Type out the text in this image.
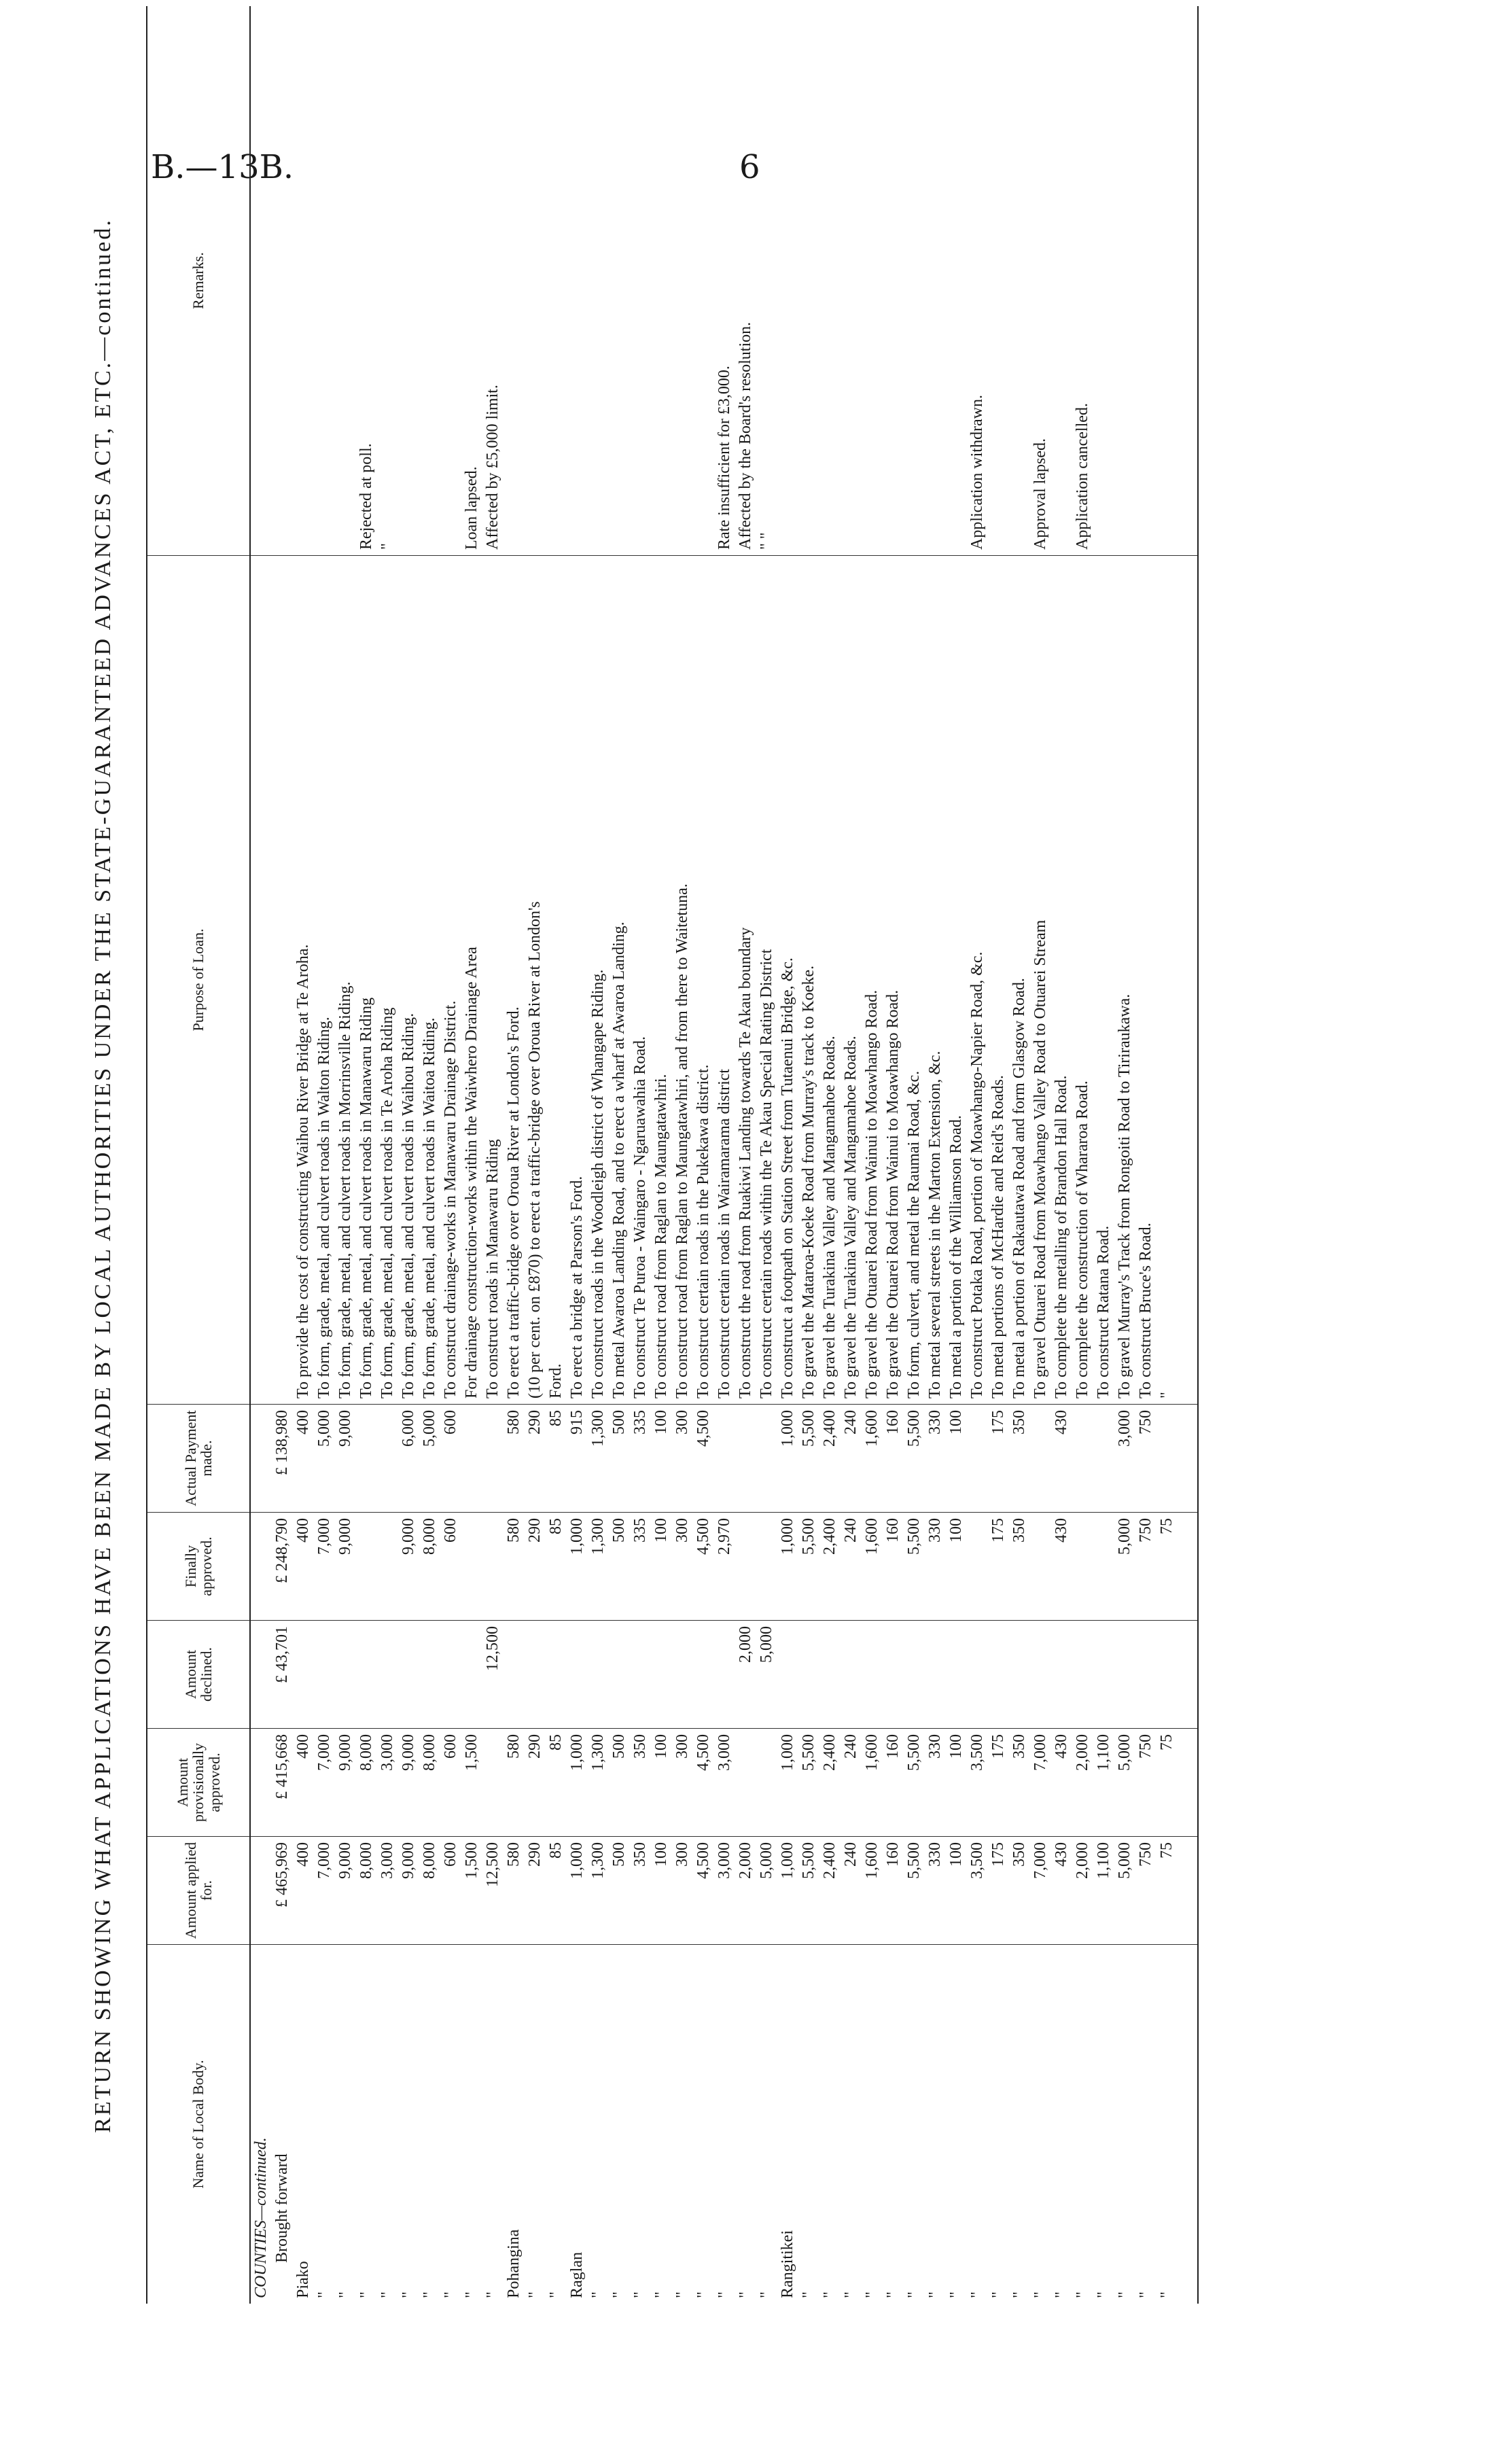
B.—13B.	6
RETURN SHOWING WHAT APPLICATIONS HAVE BEEN MADE BY LOCAL AUTHORITIES UNDER THE STATE-GUARANTEED ADVANCES ACT, ETC.—continued.	Name of Local Body.	Amount applied for.	Amount provisionally approved.	Amount declined.	Finally approved.	Actual Payment made.	Purpose of Loan.	Remarks.
COUNTIES—continued.							
Brought forward	£ 465,969	£ 415,668	£ 43,701	£ 248,790	£ 138,980		
Piako	400	400		400	400	To provide the cost of constructing Waihou River Bridge at Te Aroha.	
"	7,000	7,000		7,000	5,000	To form, grade, metal, and culvert roads in Walton Riding.	
"	9,000	9,000		9,000	9,000	To form, grade, metal, and culvert roads in Morrinsville Riding.	
"	8,000	8,000				To form, grade, metal, and culvert roads in Manawaru Riding	Rejected at poll.
"	3,000	3,000				To form, grade, metal, and culvert roads in Te Aroha Riding	"
"	9,000	9,000		9,000	6,000	To form, grade, metal, and culvert roads in Waihou Riding.	
"	8,000	8,000		8,000	5,000	To form, grade, metal, and culvert roads in Waitoa Riding.	
"	600	600		600	600	To construct drainage-works in Manawaru Drainage District.	
"	1,500	1,500				For drainage construction-works within the Waiwhero Drainage Area	Loan lapsed.
"	12,500		12,500			To construct roads in Manawaru Riding	Affected by £5,000 limit.
Pohangina	580	580		580	580	To erect a traffic-bridge over Oroua River at London's Ford.	
"	290	290		290	290	(10 per cent. on £870) to erect a traffic-bridge over Oroua River at London's	
"	85	85		85	85	Ford.	
Raglan	1,000	1,000		1,000	915	To erect a bridge at Parson's Ford.	
"	1,300	1,300		1,300	1,300	To construct roads in the Woodleigh district of Whangape Riding.	
"	500	500		500	500	To metal Awaroa Landing Road, and to erect a wharf at Awaroa Landing.	
"	350	350		335	335	To construct Te Puroa - Waingaro - Ngaruawahia Road.	
"	100	100		100	100	To construct road from Raglan to Maungatawhiri.	
"	300	300		300	300	To construct road from Raglan to Maungatawhiri, and from there to Waitetuna.	
"	4,500	4,500		4,500	4,500	To construct certain roads in the Pukekawa district.	
"	3,000	3,000		2,970		To construct certain roads in Wairamarama district	Rate insufficient for £3,000.
"	2,000		2,000			To construct the road from Ruakiwi Landing towards Te Akau boundary	Affected by the Board's resolution.
"	5,000		5,000			To construct certain roads within the Te Akau Special Rating District	" "
Rangitikei	1,000	1,000		1,000	1,000	To construct a footpath on Station Street from Tutaenui Bridge, &c.	
"	5,500	5,500		5,500	5,500	To gravel the Mataroa-Koeke Road from Murray's track to Koeke.	
"	2,400	2,400		2,400	2,400	To gravel the Turakina Valley and Mangamahoe Roads.	
"	240	240		240	240	To gravel the Turakina Valley and Mangamahoe Roads.	
"	1,600	1,600		1,600	1,600	To gravel the Otuarei Road from Wainui to Moawhango Road.	
"	160	160		160	160	To gravel the Otuarei Road from Wainui to Moawhango Road.	
"	5,500	5,500		5,500	5,500	To form, culvert, and metal the Raumai Road, &c.	
"	330	330		330	330	To metal several streets in the Marton Extension, &c.	
"	100	100		100	100	To metal a portion of the Williamson Road.	
"	3,500	3,500				To construct Potaka Road, portion of Moawhango-Napier Road, &c.	Application withdrawn.
"	175	175		175	175	To metal portions of McHardie and Reid's Roads.	
"	350	350		350	350	To metal a portion of Rakautawa Road and form Glasgow Road.	
"	7,000	7,000				To gravel Otuarei Road from Moawhango Valley Road to Otuarei Stream	Approval lapsed.
"	430	430		430	430	To complete the metalling of Brandon Hall Road.	
"	2,000	2,000				To complete the construction of Whararoa Road.	Application cancelled.
"	1,100	1,100				To construct Ratana Road.	
"	5,000	5,000		5,000	3,000	To gravel Murray's Track from Rongoiti Road to Tiriraukawa.	
"	750	750		750	750	To construct Bruce's Road.	
"	75	75		75		"	
